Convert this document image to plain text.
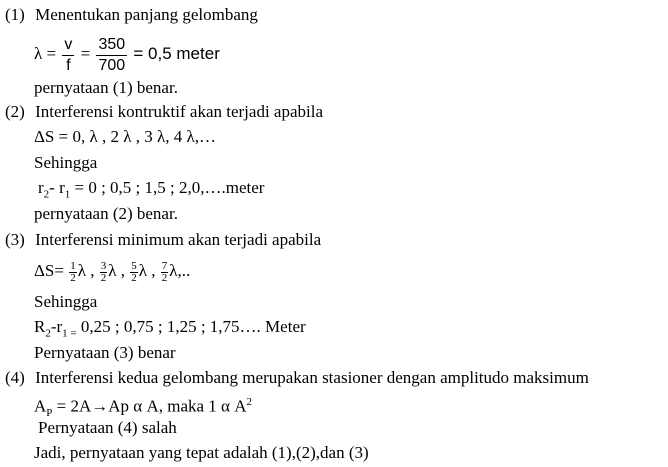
(1) Menentukan panjang gelombang
$\lambda = \frac{v}{f} = \frac{350}{700} = 0,5$ meter
pernyataan (1) benar.
(2) Interferensi kontruktif akan terjadi apabila
ΔS = 0, λ , 2 λ , 3 λ, 4 λ,…
Sehingga
$r_2-$ $r_1 = 0$ ; 0,5 ; 1,5 ; 2,0,….meter
pernyataan (2) benar.
(3) Interferensi minimum akan terjadi apabila
$\Delta S= \frac{1}{2}$ λ , $\frac{3}{2}$ λ , $\frac{5}{2}$ λ , $\frac{7}{2} \lambda$,..
Sehingga
$R_2-r_{1 =}$ 0,25 ; 0,75 ; 1,25 ; 1,75…. Meter
Pernyataan (3) benar
(4) Interferensi kedua gelombang merupakan stasioner dengan amplitudo maksimum
$A_P = 2A\to Ap$ α A, maka 1 α $A^2$
Pernyataan (4) salah
Jadi, pernyataan yang tepat adalah (1),(2),dan (3)
